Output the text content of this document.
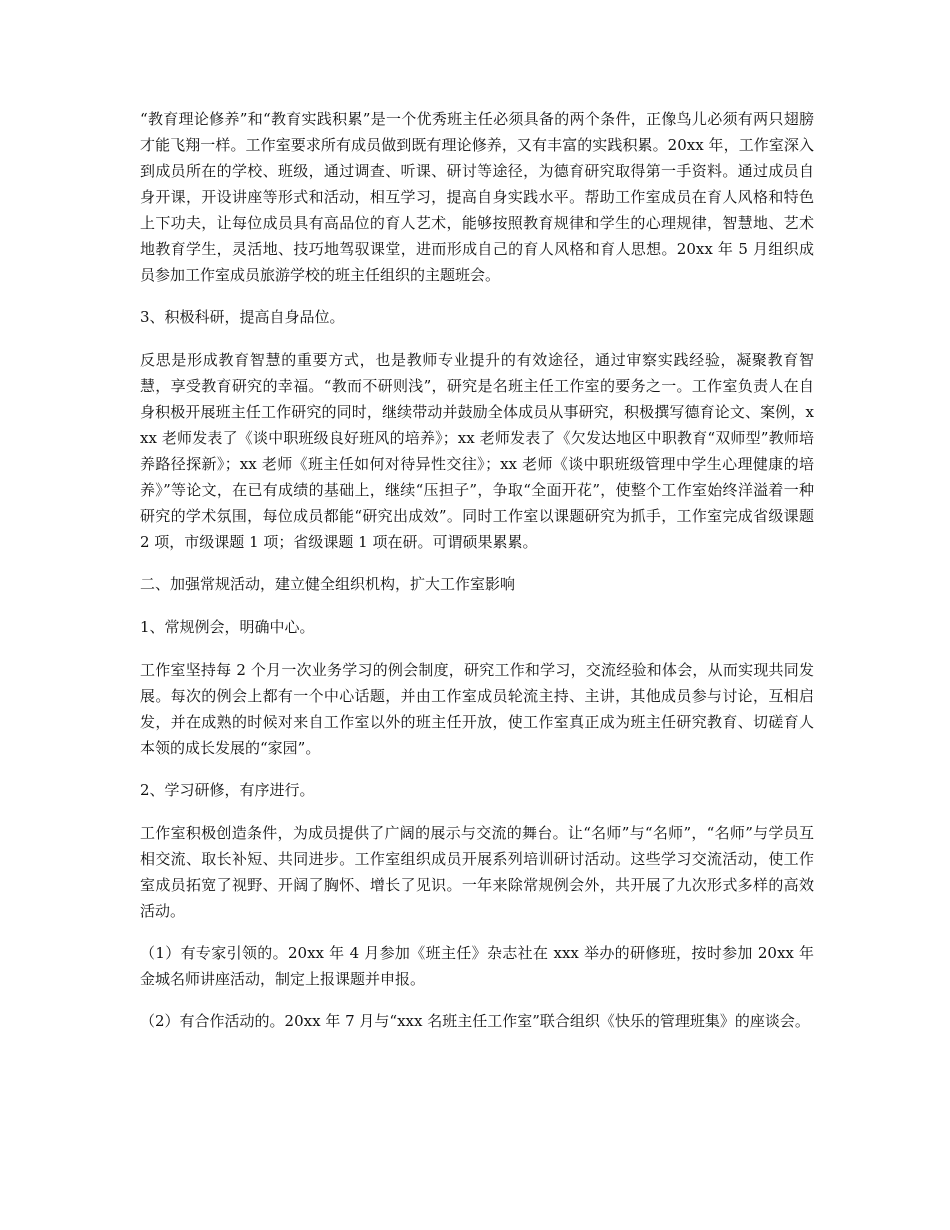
“教育理论修养”和“教育实践积累”是一个优秀班主任必须具备的两个条件，正像鸟儿必须有两只翅膀才能飞翔一样。工作室要求所有成员做到既有理论修养，又有丰富的实践积累。20xx 年，工作室深入到成员所在的学校、班级，通过调查、听课、研讨等途径，为德育研究取得第一手资料。通过成员自身开课，开设讲座等形式和活动，相互学习，提高自身实践水平。帮助工作室成员在育人风格和特色上下功夫，让每位成员具有高品位的育人艺术，能够按照教育规律和学生的心理规律，智慧地、艺术地教育学生，灵活地、技巧地驾驭课堂，进而形成自己的育人风格和育人思想。20xx 年 5 月组织成员参加工作室成员旅游学校的班主任组织的主题班会。

3、积极科研，提高自身品位。

反思是形成教育智慧的重要方式，也是教师专业提升的有效途径，通过审察实践经验，凝聚教育智慧，享受教育研究的幸福。“教而不研则浅”，研究是名班主任工作室的要务之一。工作室负责人在自身积极开展班主任工作研究的同时，继续带动并鼓励全体成员从事研究，积极撰写德育论文、案例，xxx 老师发表了《谈中职班级良好班风的培养》；xx 老师发表了《欠发达地区中职教育“双师型”教师培养路径探新》；xx 老师《班主任如何对待异性交往》；xx 老师《谈中职班级管理中学生心理健康的培养》”等论文，在已有成绩的基础上，继续“压担子”，争取“全面开花”，使整个工作室始终洋溢着一种研究的学术氛围，每位成员都能“研究出成效”。同时工作室以课题研究为抓手，工作室完成省级课题 2 项，市级课题 1 项；省级课题 1 项在研。可谓硕果累累。

二、加强常规活动，建立健全组织机构，扩大工作室影响

1、常规例会，明确中心。

工作室坚持每 2 个月一次业务学习的例会制度，研究工作和学习，交流经验和体会，从而实现共同发展。每次的例会上都有一个中心话题，并由工作室成员轮流主持、主讲，其他成员参与讨论，互相启发，并在成熟的时候对来自工作室以外的班主任开放，使工作室真正成为班主任研究教育、切磋育人本领的成长发展的“家园”。

2、学习研修，有序进行。

工作室积极创造条件，为成员提供了广阔的展示与交流的舞台。让“名师”与“名师”，“名师”与学员互相交流、取长补短、共同进步。工作室组织成员开展系列培训研讨活动。这些学习交流活动，使工作室成员拓宽了视野、开阔了胸怀、增长了见识。一年来除常规例会外，共开展了九次形式多样的高效活动。

（1）有专家引领的。20xx 年 4 月参加《班主任》杂志社在 xxx 举办的研修班，按时参加 20xx 年金城名师讲座活动，制定上报课题并申报。

（2）有合作活动的。20xx 年 7 月与“xxx 名班主任工作室”联合组织《快乐的管理班集》的座谈会。
